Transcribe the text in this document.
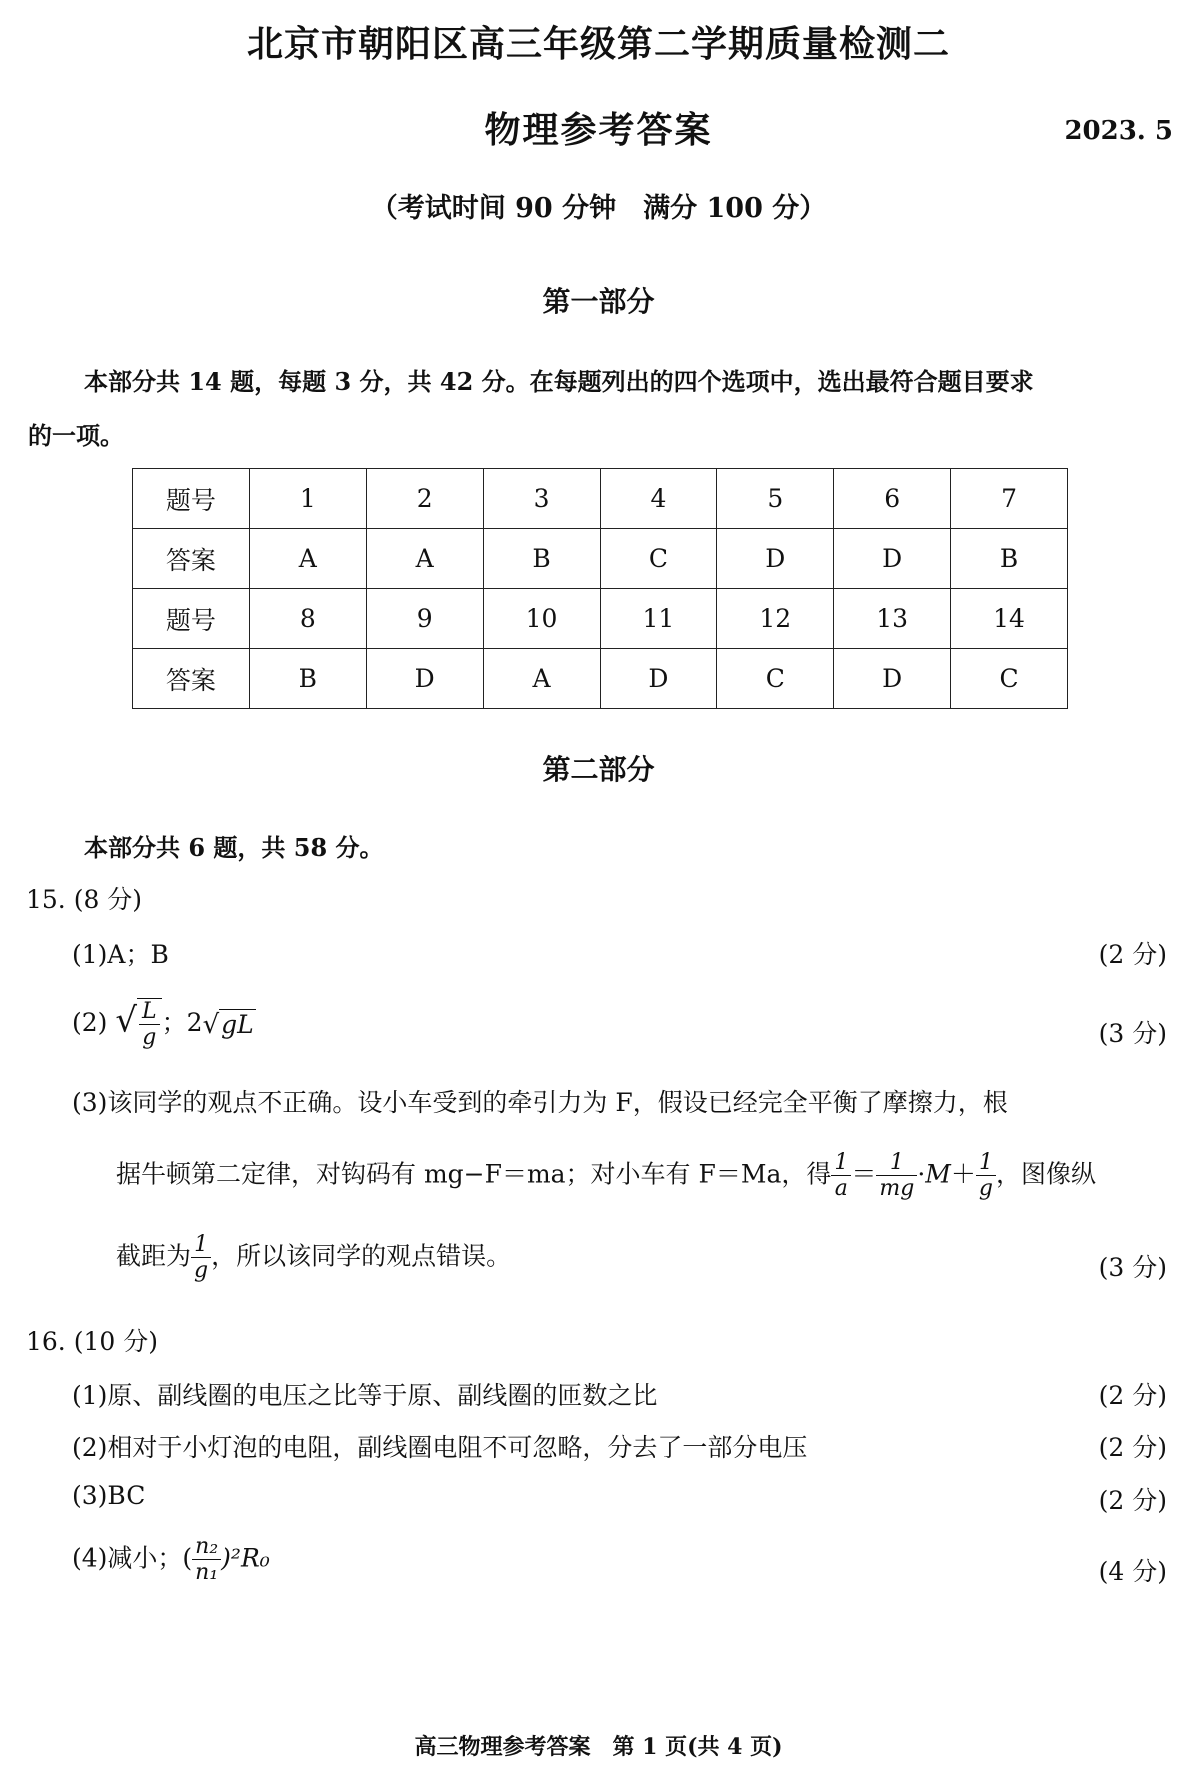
北京市朝阳区高三年级第二学期质量检测二
物理参考答案	2023. 5
（考试时间 90 分钟　满分 100 分）
第一部分
本部分共 14 题，每题 3 分，共 42 分。在每题列出的四个选项中，选出最符合题目要求
的一项。
题号	1	2	3	4	5	6	7
答案	A	A	B	C	D	D	B
题号	8	9	10	11	12	13	14
答案	B	D	A	D	C	D	C
第二部分
本部分共 6 题，共 58 分。
15. (8 分)
(1)A；B	(2 分)
(2) √ $\frac{L}{g}$ ；2√gL	(3 分)
(3)该同学的观点不正确。设小车受到的牵引力为 F，假设已经完全平衡了摩擦力，根
据牛顿第二定律，对钩码有 mg−F＝ma；对小车有 F＝Ma，得 $\frac{1}{a} = \frac{1}{mg} \cdot M+ \frac{1}{g}$ ，图像纵
截距为 $\frac{1}{g}$ ，所以该同学的观点错误。	(3 分)
16. (10 分)
(1)原、副线圈的电压之比等于原、副线圈的匝数之比	(2 分)
(2)相对于小灯泡的电阻，副线圈电阻不可忽略，分去了一部分电压	(2 分)
(3)BC	(2 分)
(4)减小；( $\frac{\text{n₂}}{\text{n₁}} )^2R_0$	(4 分)
高三物理参考答案　第 1 页(共 4 页)
